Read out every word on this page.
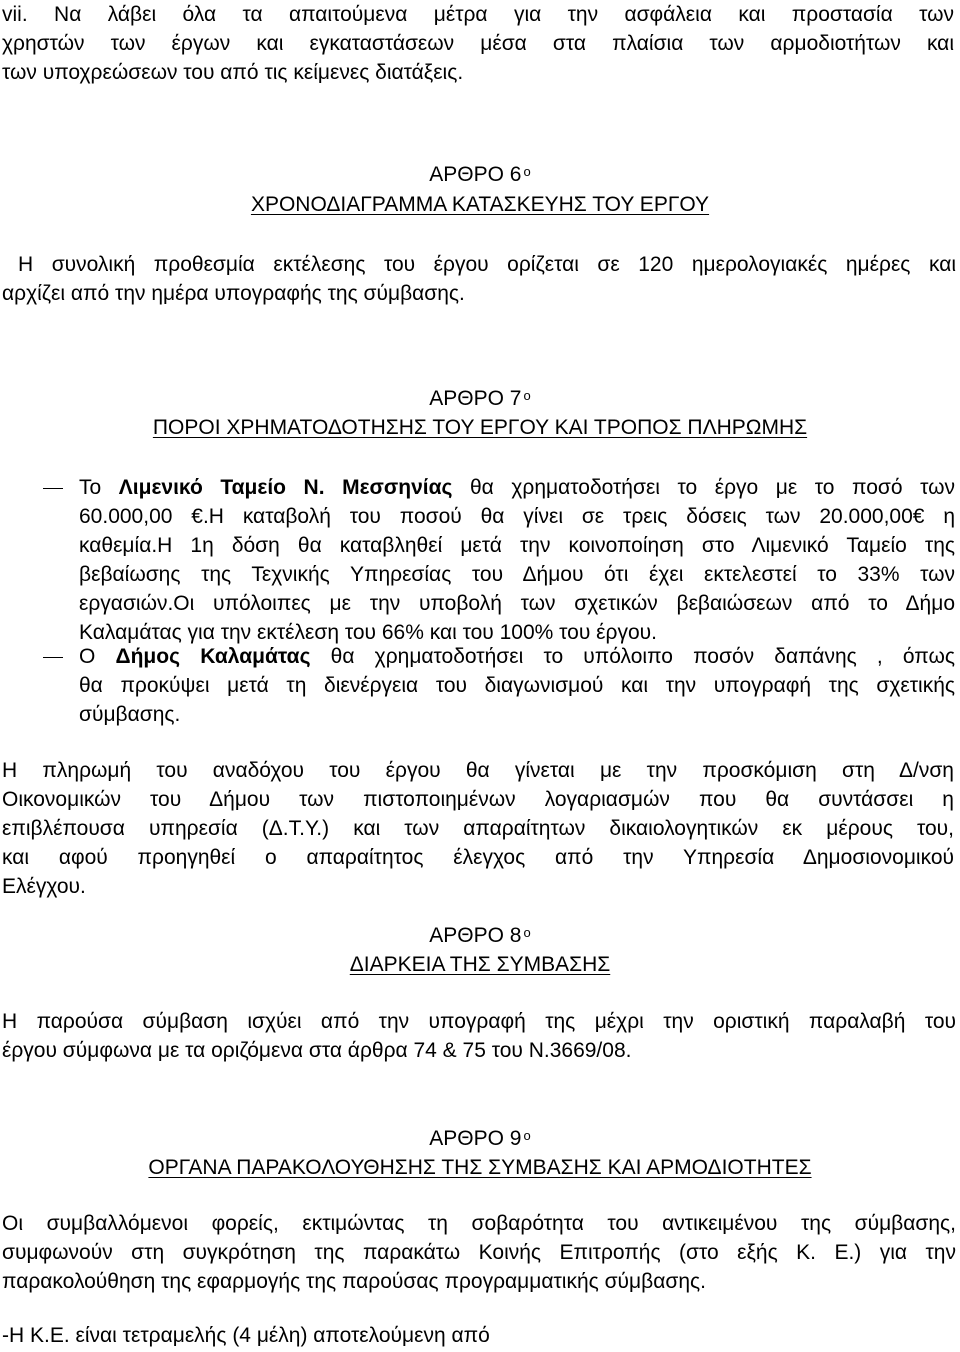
vii. Να λάβει όλα τα απαιτούμενα μέτρα για την ασφάλεια και προστασία των
χρηστών των έργων και εγκαταστάσεων μέσα στα πλαίσια των αρμοδιοτήτων και
των υποχρεώσεων του από τις κείμενες διατάξεις.
ΑΡΘΡΟ 6 $^o$
ΧΡΟΝΟΔΙΑΓΡΑΜΜΑ ΚΑΤΑΣΚΕΥΗΣ ΤΟΥ ΕΡΓΟΥ
Η συνολική προθεσμία εκτέλεσης του έργου ορίζεται σε 120 ημερολογιακές ημέρες και
αρχίζει από την ημέρα υπογραφής της σύμβασης.
ΑΡΘΡΟ 7 $^o$
ΠΟΡΟΙ ΧΡΗΜΑΤΟΔΟΤΗΣΗΣ ΤΟΥ ΕΡΓΟΥ ΚΑΙ ΤΡΟΠΟΣ ΠΛΗΡΩΜΗΣ
Το Λιμενικό Ταμείο Ν. Μεσσηνίας θα χρηματοδοτήσει το έργο με το ποσό των
60.000,00 €.Η καταβολή του ποσού θα γίνει σε τρεις δόσεις των 20.000,00€ η
καθεμία.Η 1η δόση θα καταβληθεί μετά την κοινοποίηση στο Λιμενικό Ταμείο της
βεβαίωσης της Τεχνικής Υπηρεσίας του Δήμου ότι έχει εκτελεστεί το 33% των
εργασιών.Οι υπόλοιπες με την υποβολή των σχετικών βεβαιώσεων από το Δήμο
Καλαμάτας για την εκτέλεση του 66% και του 100% του έργου.
Ο Δήμος Καλαμάτας θα χρηματοδοτήσει το υπόλοιπο ποσόν δαπάνης , όπως
θα προκύψει μετά τη διενέργεια του διαγωνισμού και την υπογραφή της σχετικής
σύμβασης.
Η πληρωμή του αναδόχου του έργου θα γίνεται με την προσκόμιση στη Δ/νση
Οικονομικών του Δήμου των πιστοποιημένων λογαριασμών που θα συντάσσει η
επιβλέπουσα υπηρεσία (Δ.Τ.Υ.) και των απαραίτητων δικαιολογητικών εκ μέρους του,
και αφού προηγηθεί ο απαραίτητος έλεγχος από την Υπηρεσία Δημοσιονομικού
Ελέγχου.
ΑΡΘΡΟ 8 $^o$
ΔΙΑΡΚΕΙΑ ΤΗΣ ΣΥΜΒΑΣΗΣ
Η παρούσα σύμβαση ισχύει από την υπογραφή της μέχρι την οριστική παραλαβή του
έργου σύμφωνα με τα οριζόμενα στα άρθρα 74 & 75 του Ν.3669/08.
ΑΡΘΡΟ 9 $^o$
ΟΡΓΑΝΑ ΠΑΡΑΚΟΛΟΥΘΗΣΗΣ ΤΗΣ ΣΥΜΒΑΣΗΣ ΚΑΙ ΑΡΜΟΔΙΟΤΗΤΕΣ
Οι συμβαλλόμενοι φορείς, εκτιμώντας τη σοβαρότητα του αντικειμένου της σύμβασης,
συμφωνούν στη συγκρότηση της παρακάτω Κοινής Επιτροπής (στο εξής Κ. Ε.) για την
παρακολούθηση της εφαρμογής της παρούσας προγραμματικής σύμβασης.
-Η Κ.Ε. είναι τετραμελής (4 μέλη) αποτελούμενη από
